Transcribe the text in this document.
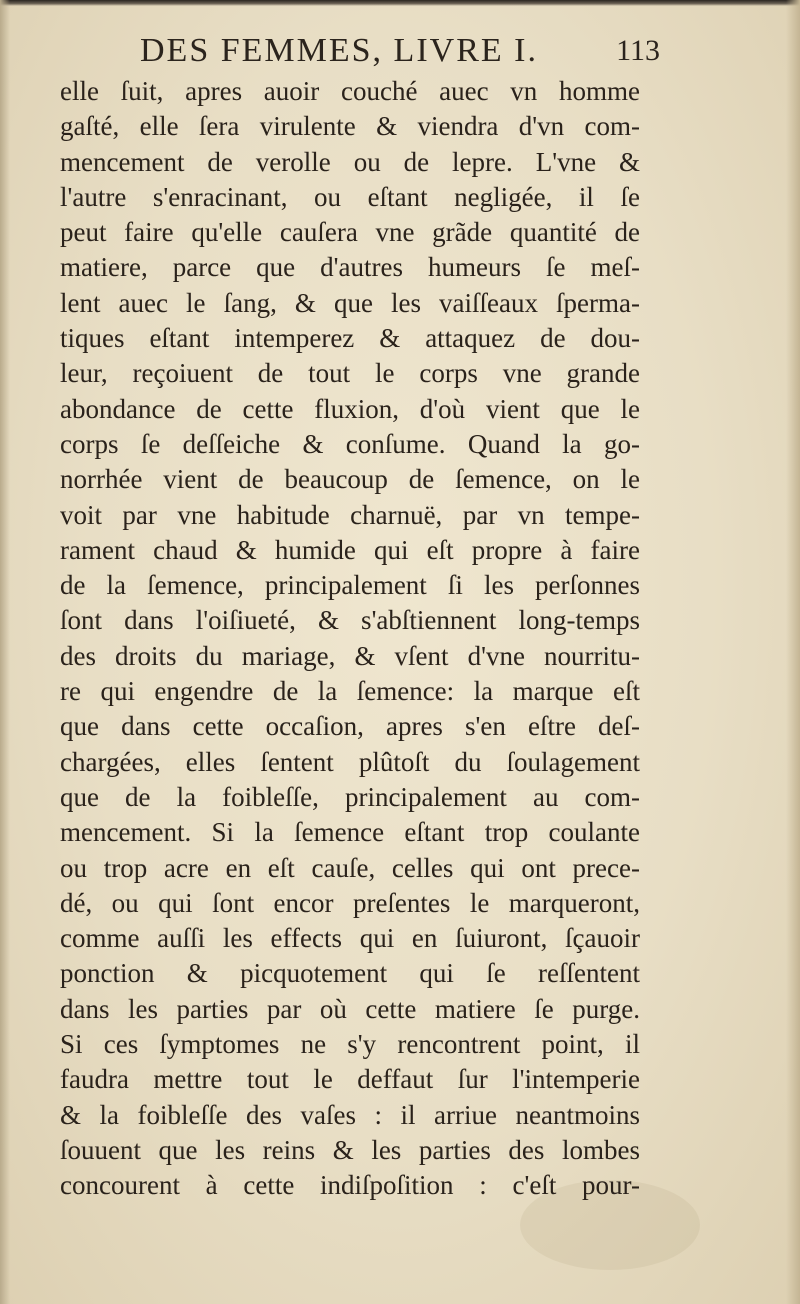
DES FEMMES, LIVRE I.	113
elle ſuit, apres auoir couché auec vn homme
gaſté, elle ſera virulente & viendra d'vn com-
mencement de verolle ou de lepre. L'vne &
l'autre s'enracinant, ou eſtant negligée, il ſe
peut faire qu'elle cauſera vne grãde quantité de
matiere, parce que d'autres humeurs ſe meſ-
lent auec le ſang, & que les vaiſſeaux ſperma-
tiques eſtant intemperez & attaquez de dou-
leur, reçoiuent de tout le corps vne grande
abondance de cette fluxion, d'où vient que le
corps ſe deſſeiche & conſume. Quand la go-
norrhée vient de beaucoup de ſemence, on le
voit par vne habitude charnuë, par vn tempe-
rament chaud & humide qui eſt propre à faire
de la ſemence, principalement ſi les perſonnes
ſont dans l'oiſiueté, & s'abſtiennent long-temps
des droits du mariage, & vſent d'vne nourritu-
re qui engendre de la ſemence: la marque eſt
que dans cette occaſion, apres s'en eſtre deſ-
chargées, elles ſentent plûtoſt du ſoulagement
que de la foibleſſe, principalement au com-
mencement. Si la ſemence eſtant trop coulante
ou trop acre en eſt cauſe, celles qui ont prece-
dé, ou qui ſont encor preſentes le marqueront,
comme auſſi les effects qui en ſuiuront, ſçauoir
ponction & picquotement qui ſe reſſentent
dans les parties par où cette matiere ſe purge.
Si ces ſymptomes ne s'y rencontrent point, il
faudra mettre tout le deffaut ſur l'intemperie
& la foibleſſe des vaſes : il arriue neantmoins
ſouuent que les reins & les parties des lombes
concourent à cette indiſpoſition : c'eſt pour-
